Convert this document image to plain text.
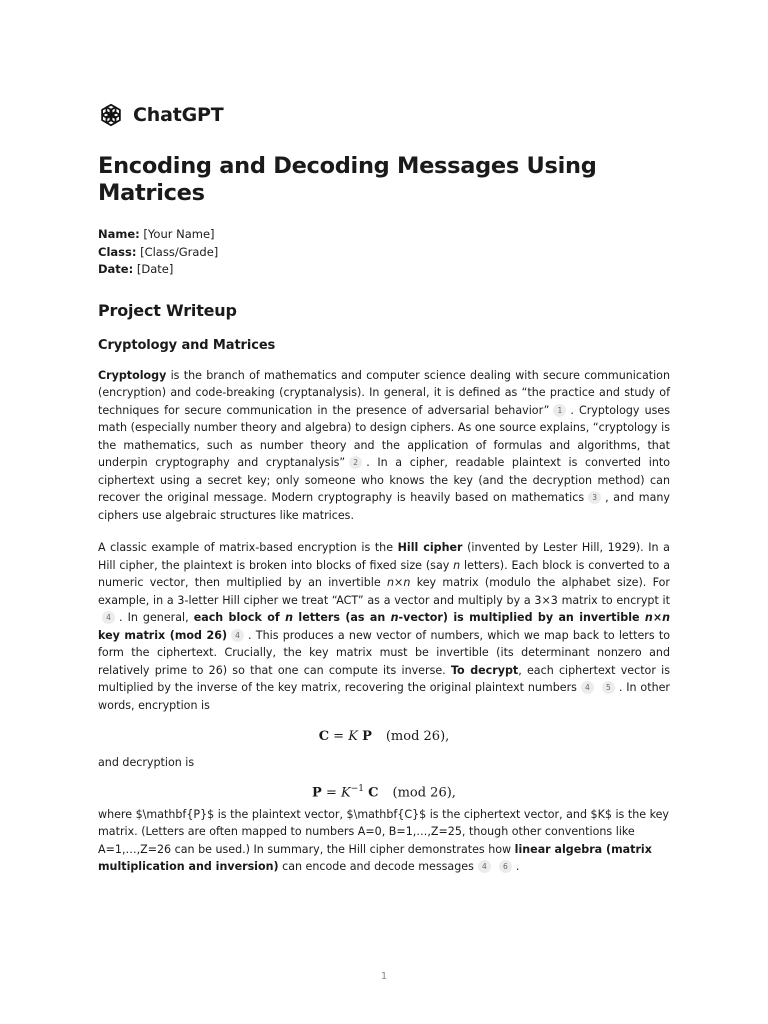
ChatGPT
Encoding and Decoding Messages Using Matrices
Name: [Your Name]
Class: [Class/Grade]
Date: [Date]
Project Writeup
Cryptology and Matrices

Cryptology is the branch of mathematics and computer science dealing with secure communication (encryption) and code-breaking (cryptanalysis). In general, it is defined as “the practice and study of techniques for secure communication in the presence of adversarial behavior” 1 . Cryptology uses math (especially number theory and algebra) to design ciphers. As one source explains, “cryptology is the mathematics, such as number theory and the application of formulas and algorithms, that underpin cryptography and cryptanalysis” 2 . In a cipher, readable plaintext is converted into ciphertext using a secret key; only someone who knows the key (and the decryption method) can recover the original message. Modern cryptography is heavily based on mathematics 3 , and many ciphers use algebraic structures like matrices.

A classic example of matrix-based encryption is the Hill cipher (invented by Lester Hill, 1929). In a Hill cipher, the plaintext is broken into blocks of fixed size (say n letters). Each block is converted to a numeric vector, then multiplied by an invertible n×n key matrix (modulo the alphabet size). For example, in a 3-letter Hill cipher we treat “ACT” as a vector and multiply by a 3×3 matrix to encrypt it4 . In general, each block of n letters (as an n-vector) is multiplied by an invertible n×n key matrix (mod 26) 4 . This produces a new vector of numbers, which we map back to letters to form the ciphertext. Crucially, the key matrix must be invertible (its determinant nonzero and relatively prime to 26) so that one can compute its inverse. To decrypt, each ciphertext vector is multiplied by the inverse of the key matrix, recovering the original plaintext numbers 4 5 . In other words, encryption is

C = K P (mod 26),

and decryption is

$P = K^{-1}$ C (mod 26),

where $\mathbf{P}$ is the plaintext vector, $\mathbf{C}$ is the ciphertext vector, and $K$ is the key matrix. (Letters are often mapped to numbers A=0, B=1,…,Z=25, though other conventions like A=1,…,Z=26 can be used.) In summary, the Hill cipher demonstrates how linear algebra (matrix multiplication and inversion) can encode and decode messages 4 6 .

1
